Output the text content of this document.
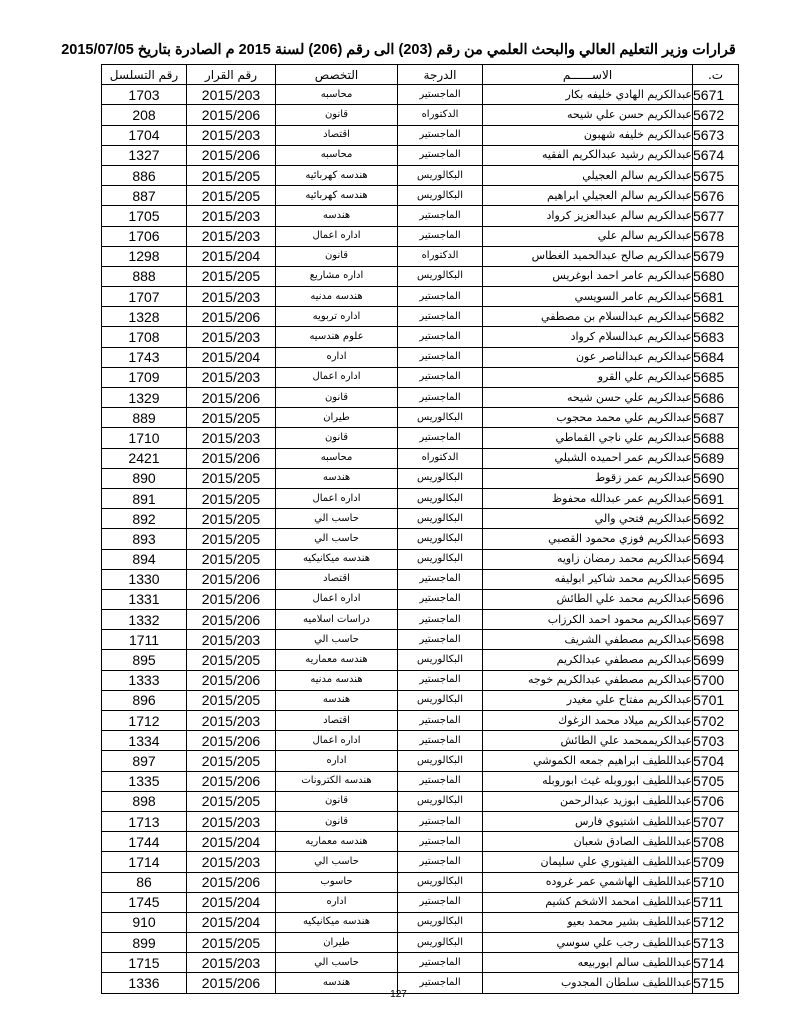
قرارات وزير التعليم العالي والبحث العلمي من رقم (203) الى رقم (206) لسنة 2015 م الصادرة بتاريخ 2015/07/05
ت.	الاســــــم	الدرجة	التخصص	رقم القرار	رقم التسلسل
5671	عبدالكريم الهادي خليفه بكار	الماجستير	محاسبه	2015/203	1703
5672	عبدالكريم حسن علي شيحه	الدكتوراه	قانون	2015/206	208
5673	عبدالكريم خليفه شهبون	الماجستير	اقتصاد	2015/203	1704
5674	عبدالكريم رشيد عبدالكريم الفقيه	الماجستير	محاسبه	2015/206	1327
5675	عبدالكريم سالم العجيلي	البكالوريس	هندسه كهربائيه	2015/205	886
5676	عبدالكريم سالم العجيلي ابراهيم	البكالوريس	هندسه كهربائيه	2015/205	887
5677	عبدالكريم سالم عبدالعزيز كرواد	الماجستير	هندسه	2015/203	1705
5678	عبدالكريم سالم علي	الماجستير	اداره اعمال	2015/203	1706
5679	عبدالكريم صالح عبدالحميد الغطاس	الدكتوراه	قانون	2015/204	1298
5680	عبدالكريم عامر احمد ابوغريس	البكالوريس	اداره مشاريع	2015/205	888
5681	عبدالكريم عامر السويسي	الماجستير	هندسه مدنيه	2015/203	1707
5682	عبدالكريم عبدالسلام بن مصطفي	الماجستير	اداره تربويه	2015/206	1328
5683	عبدالكريم عبدالسلام كرواد	الماجستير	علوم هندسيه	2015/203	1708
5684	عبدالكريم عبدالناصر عون	الماجستير	اداره	2015/204	1743
5685	عبدالكريم علي القرو	الماجستير	اداره اعمال	2015/203	1709
5686	عبدالكريم علي حسن شيحه	الماجستير	قانون	2015/206	1329
5687	عبدالكريم علي محمد محجوب	البكالوريس	طيران	2015/205	889
5688	عبدالكريم علي ناجي القماطي	الماجستير	قانون	2015/203	1710
5689	عبدالكريم عمر احميده الشبلي	الدكتوراه	محاسبه	2015/206	2421
5690	عبدالكريم عمر زقوط	البكالوريس	هندسه	2015/205	890
5691	عبدالكريم عمر عبدالله محفوظ	البكالوريس	اداره اعمال	2015/205	891
5692	عبدالكريم فتحي والي	البكالوريس	حاسب الي	2015/205	892
5693	عبدالكريم فوزي محمود القصبي	البكالوريس	حاسب الي	2015/205	893
5694	عبدالكريم محمد رمضان زاويه	البكالوريس	هندسه ميكانيكيه	2015/205	894
5695	عبدالكريم محمد شاكير ابوليفه	الماجستير	اقتصاد	2015/206	1330
5696	عبدالكريم محمد علي الطائش	الماجستير	اداره اعمال	2015/206	1331
5697	عبدالكريم محمود احمد الكرزاب	الماجستير	دراسات اسلاميه	2015/206	1332
5698	عبدالكريم مصطفي الشريف	الماجستير	حاسب الي	2015/203	1711
5699	عبدالكريم مصطفي عبدالكريم	البكالوريس	هندسه معماريه	2015/205	895
5700	عبدالكريم مصطفي عبدالكريم خوجه	الماجستير	هندسه مدنيه	2015/206	1333
5701	عبدالكريم مفتاح علي مغيدر	البكالوريس	هندسه	2015/205	896
5702	عبدالكريم ميلاد محمد الزغوك	الماجستير	اقتصاد	2015/203	1712
5703	عبدالكريممحمد علي الطائش	الماجستير	اداره اعمال	2015/206	1334
5704	عبداللطيف ابراهيم جمعه الكموشي	البكالوريس	اداره	2015/205	897
5705	عبداللطيف ابوروبله غيث ابوروبله	الماجستير	هندسه الكترونات	2015/206	1335
5706	عبداللطيف ابوزيد عبدالرحمن	البكالوريس	قانون	2015/205	898
5707	عبداللطيف اشتيوي فارس	الماجستير	قانون	2015/203	1713
5708	عبداللطيف الصادق شعبان	الماجستير	هندسه معماريه	2015/204	1744
5709	عبداللطيف الفيتوري علي سليمان	الماجستير	حاسب الي	2015/203	1714
5710	عبداللطيف الهاشمي عمر غروده	البكالوريس	حاسوب	2015/206	86
5711	عبداللطيف امحمد الاشخم كشيم	الماجستير	اداره	2015/204	1745
5712	عبداللطيف بشير محمد بعيو	البكالوريس	هندسه ميكانيكيه	2015/204	910
5713	عبداللطيف رجب علي سوسي	البكالوريس	طيران	2015/205	899
5714	عبداللطيف سالم ابوربيعه	الماجستير	حاسب الي	2015/203	1715
5715	عبداللطيف سلطان المجدوب	الماجستير	هندسه	2015/206	1336
127
